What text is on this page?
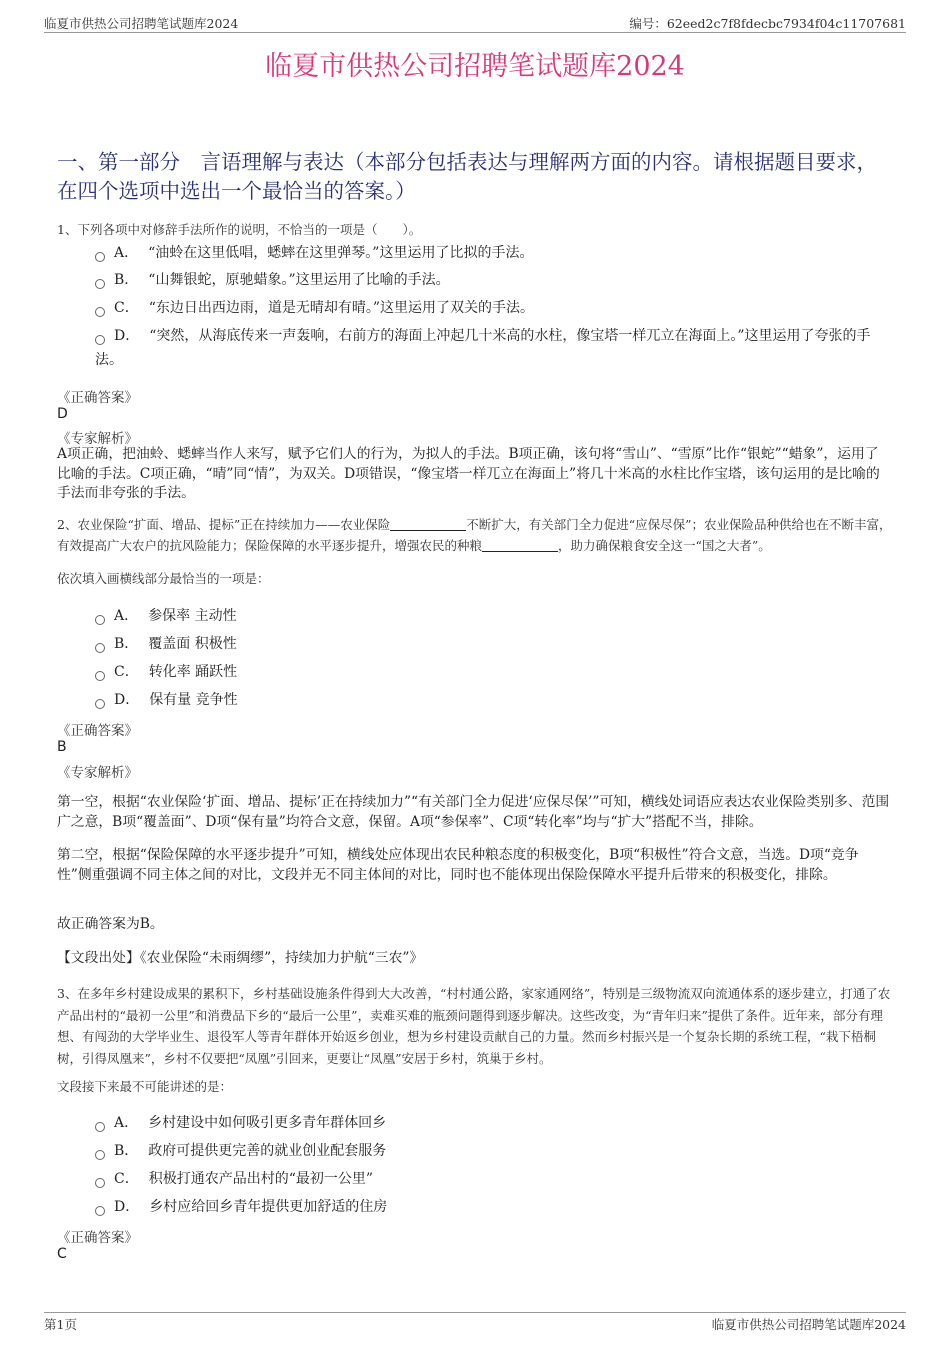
临夏市供热公司招聘笔试题库2024	编号：62eed2c7f8fdecbc7934f04c11707681
临夏市供热公司招聘笔试题库2024
一、第一部分　言语理解与表达（本部分包括表达与理解两方面的内容。请根据题目要求，在四个选项中选出一个最恰当的答案。）
1、下列各项中对修辞手法所作的说明，不恰当的一项是（　　）。
A． “油蛉在这里低唱，蟋蟀在这里弹琴。”这里运用了比拟的手法。
B． “山舞银蛇，原驰蜡象。”这里运用了比喻的手法。
C． “东边日出西边雨，道是无晴却有晴。”这里运用了双关的手法。
D． “突然，从海底传来一声轰响，右前方的海面上冲起几十米高的水柱，像宝塔一样兀立在海面上。”这里运用了夸张的手法。
《正确答案》
D
《专家解析》
A项正确，把油蛉、蟋蟀当作人来写，赋予它们人的行为，为拟人的手法。B项正确，该句将“雪山”、“雪原”比作“银蛇”“蜡象”，运用了比喻的手法。C项正确，“晴”同“情”，为双关。D项错误，“像宝塔一样兀立在海面上”将几十米高的水柱比作宝塔，该句运用的是比喻的手法而非夸张的手法。
2、农业保险“扩面、增品、提标”正在持续加力——农业保险	不断扩大，有关部门全力促进“应保尽保”；农业保险品种供给也在不断丰富，有效提高广大农户的抗风险能力；保险保障的水平逐步提升，增强农民的种粮	，助力确保粮食安全这一“国之大者”。
依次填入画横线部分最恰当的一项是：
A． 参保率 主动性
B． 覆盖面 积极性
C． 转化率 踊跃性
D． 保有量 竞争性
《正确答案》
B
《专家解析》
第一空，根据“农业保险‘扩面、增品、提标’正在持续加力”“有关部门全力促进‘应保尽保’”可知，横线处词语应表达农业保险类别多、范围广之意，B项“覆盖面”、D项“保有量”均符合文意，保留。A项“参保率”、C项“转化率”均与“扩大”搭配不当，排除。
第二空，根据“保险保障的水平逐步提升”可知，横线处应体现出农民种粮态度的积极变化，B项“积极性”符合文意，当选。D项“竞争性”侧重强调不同主体之间的对比，文段并无不同主体间的对比，同时也不能体现出保险保障水平提升后带来的积极变化，排除。
故正确答案为B。
【文段出处】《农业保险“未雨绸缪”，持续加力护航“三农”》
3、在多年乡村建设成果的累积下，乡村基础设施条件得到大大改善，“村村通公路，家家通网络”，特别是三级物流双向流通体系的逐步建立，打通了农产品出村的“最初一公里”和消费品下乡的“最后一公里”，卖难买难的瓶颈问题得到逐步解决。这些改变，为“青年归来”提供了条件。近年来，部分有理想、有闯劲的大学毕业生、退役军人等青年群体开始返乡创业，想为乡村建设贡献自己的力量。然而乡村振兴是一个复杂长期的系统工程，“栽下梧桐树，引得凤凰来”，乡村不仅要把“凤凰”引回来，更要让“凤凰”安居于乡村，筑巢于乡村。
文段接下来最不可能讲述的是：
A． 乡村建设中如何吸引更多青年群体回乡
B． 政府可提供更完善的就业创业配套服务
C． 积极打通农产品出村的“最初一公里”
D． 乡村应给回乡青年提供更加舒适的住房
《正确答案》
C
第1页	临夏市供热公司招聘笔试题库2024
